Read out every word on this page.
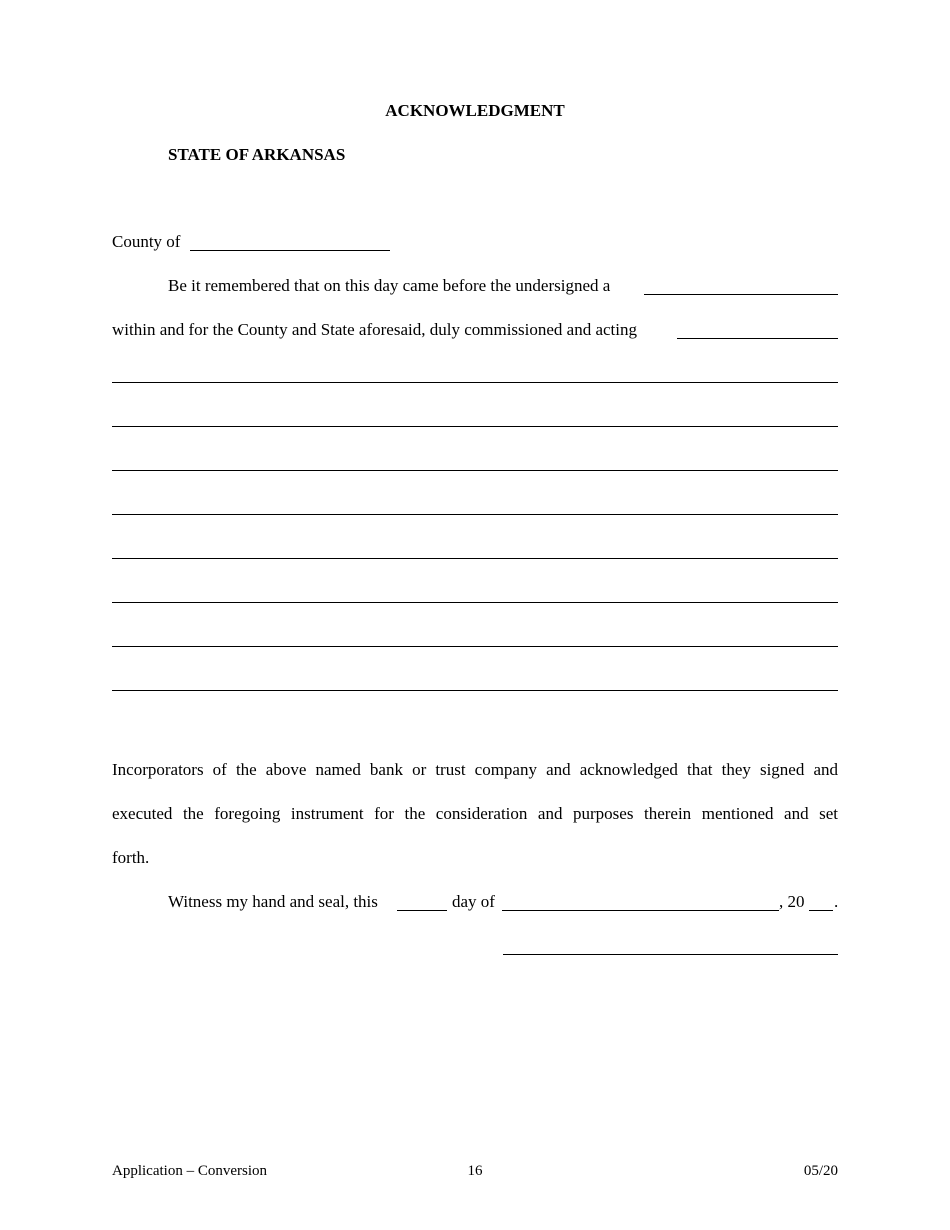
ACKNOWLEDGMENT
STATE OF ARKANSAS
County of
Be it remembered that on this day came before the undersigned a
within and for the County and State aforesaid, duly commissioned and acting
Incorporators of the above named bank or trust company and acknowledged that they signed and
executed the foregoing instrument for the consideration and purposes therein mentioned and set
forth.
Witness my hand and seal, this	day of	, 20 .
Application – Conversion	16	05/20
